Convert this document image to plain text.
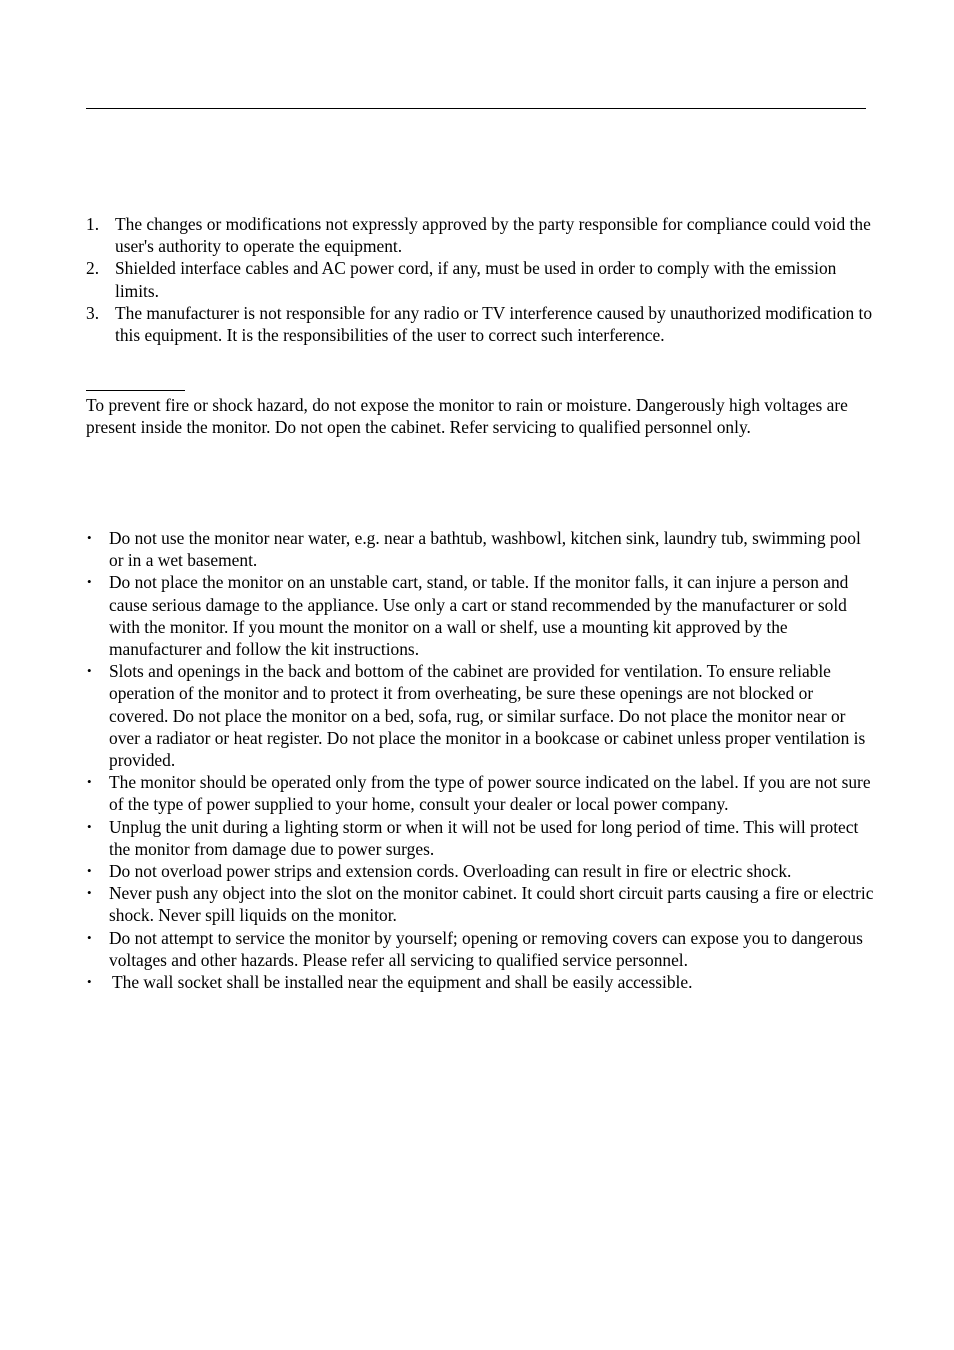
1. The changes or modifications not expressly approved by the party responsible for compliance could void the user's authority to operate the equipment.
2. Shielded interface cables and AC power cord, if any, must be used in order to comply with the emission limits.
3. The manufacturer is not responsible for any radio or TV interference caused by unauthorized modification to this equipment. It is the responsibilities of the user to correct such interference.

To prevent fire or shock hazard, do not expose the monitor to rain or moisture. Dangerously high voltages are present inside the monitor. Do not open the cabinet. Refer servicing to qualified personnel only.

• Do not use the monitor near water, e.g. near a bathtub, washbowl, kitchen sink, laundry tub, swimming pool or in a wet basement.
• Do not place the monitor on an unstable cart, stand, or table. If the monitor falls, it can injure a person and cause serious damage to the appliance. Use only a cart or stand recommended by the manufacturer or sold with the monitor. If you mount the monitor on a wall or shelf, use a mounting kit approved by the manufacturer and follow the kit instructions.
• Slots and openings in the back and bottom of the cabinet are provided for ventilation. To ensure reliable operation of the monitor and to protect it from overheating, be sure these openings are not blocked or covered. Do not place the monitor on a bed, sofa, rug, or similar surface. Do not place the monitor near or over a radiator or heat register. Do not place the monitor in a bookcase or cabinet unless proper ventilation is provided.
• The monitor should be operated only from the type of power source indicated on the label. If you are not sure of the type of power supplied to your home, consult your dealer or local power company.
• Unplug the unit during a lighting storm or when it will not be used for long period of time. This will protect the monitor from damage due to power surges.
• Do not overload power strips and extension cords. Overloading can result in fire or electric shock.
• Never push any object into the slot on the monitor cabinet. It could short circuit parts causing a fire or electric shock. Never spill liquids on the monitor.
• Do not attempt to service the monitor by yourself; opening or removing covers can expose you to dangerous voltages and other hazards. Please refer all servicing to qualified service personnel.
• The wall socket shall be installed near the equipment and shall be easily accessible.
